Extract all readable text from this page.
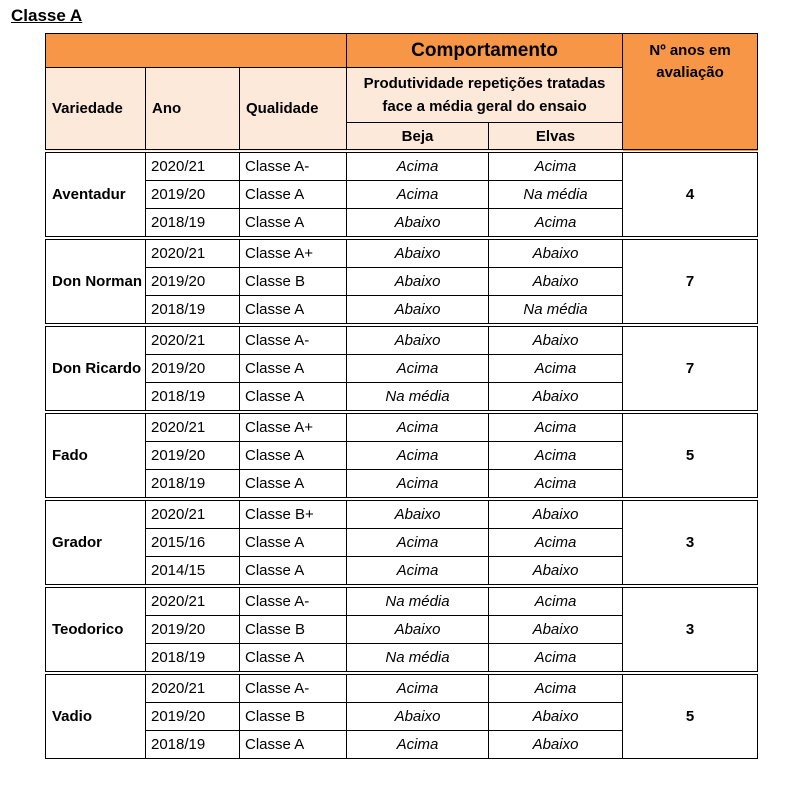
Classe A
			Comportamento		Nº anos em avaliação
Variedade	Ano	Qualidade	Produtividade repetições tratadas face a média geral do ensaio		
			Beja	Elvas	
Aventadur	2020/21	Classe A-	Acima	Acima	4
	2019/20	Classe A	Acima	Na média	
	2018/19	Classe A	Abaixo	Acima	
Don Norman	2020/21	Classe A+	Abaixo	Abaixo	7
	2019/20	Classe B	Abaixo	Abaixo	
	2018/19	Classe A	Abaixo	Na média	
Don Ricardo	2020/21	Classe A-	Abaixo	Abaixo	7
	2019/20	Classe A	Acima	Acima	
	2018/19	Classe A	Na média	Abaixo	
Fado	2020/21	Classe A+	Acima	Acima	5
	2019/20	Classe A	Acima	Acima	
	2018/19	Classe A	Acima	Acima	
Grador	2020/21	Classe B+	Abaixo	Abaixo	3
	2015/16	Classe A	Acima	Acima	
	2014/15	Classe A	Acima	Abaixo	
Teodorico	2020/21	Classe A-	Na média	Acima	3
	2019/20	Classe B	Abaixo	Abaixo	
	2018/19	Classe A	Na média	Acima	
Vadio	2020/21	Classe A-	Acima	Acima	5
	2019/20	Classe B	Abaixo	Abaixo	
	2018/19	Classe A	Acima	Abaixo	
